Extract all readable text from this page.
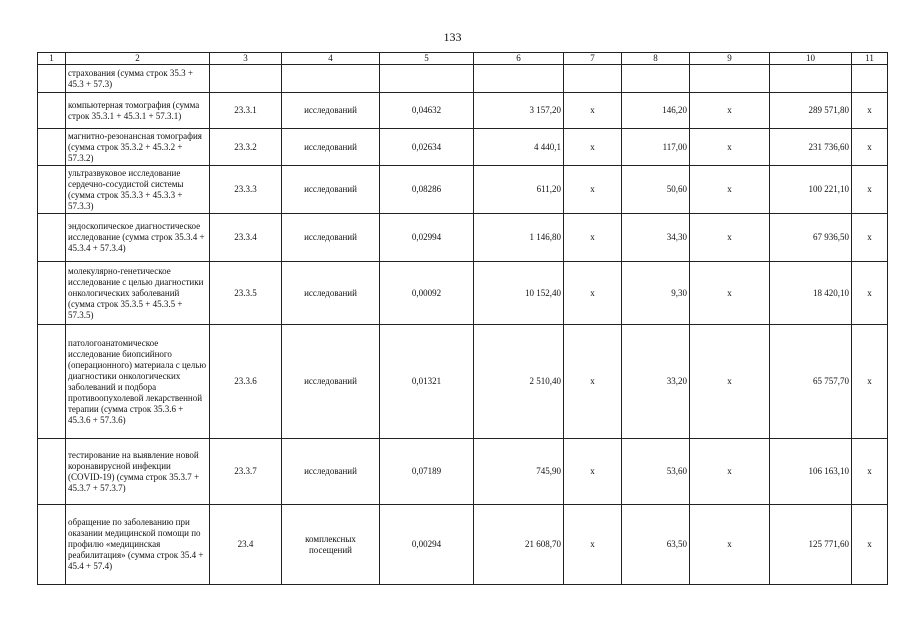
133
1	2	3	4	5	6	7	8	9	10	11
	страхования (сумма строк 35.3 + 45.3 + 57.3)									
	компьютерная томография (сумма строк 35.3.1 + 45.3.1 + 57.3.1)	23.3.1	исследований	0,04632	3 157,20	х	146,20	х	289 571,80	х
	магнитно-резонансная томография (сумма строк 35.3.2 + 45.3.2 + 57.3.2)	23.3.2	исследований	0,02634	4 440,1	х	117,00	х	231 736,60	х
	ультразвуковое исследование сердечно-сосудистой системы (сумма строк 35.3.3 + 45.3.3 + 57.3.3)	23.3.3	исследований	0,08286	611,20	х	50,60	х	100 221,10	х
	эндоскопическое диагностическое исследование (сумма строк 35.3.4 + 45.3.4 + 57.3.4)	23.3.4	исследований	0,02994	1 146,80	х	34,30	х	67 936,50	х
	молекулярно-генетическое исследование с целью диагностики онкологических заболеваний (сумма строк 35.3.5 + 45.3.5 + 57.3.5)	23.3.5	исследований	0,00092	10 152,40	х	9,30	х	18 420,10	х
	патологоанатомическое исследование биопсийного (операционного) материала с целью диагностики онкологических заболеваний и подбора противоопухолевой лекарственной терапии (сумма строк 35.3.6 + 45.3.6 + 57.3.6)	23.3.6	исследований	0,01321	2 510,40	х	33,20	х	65 757,70	х
	тестирование на выявление новой коронавирусной инфекции (COVID-19) (сумма строк 35.3.7 + 45.3.7 + 57.3.7)	23.3.7	исследований	0,07189	745,90	х	53,60	х	106 163,10	х
	обращение по заболеванию при оказании медицинской помощи по профилю «медицинская реабилитация» (сумма строк 35.4 + 45.4 + 57.4)	23.4	комплексных посещений	0,00294	21 608,70	х	63,50	х	125 771,60	х
